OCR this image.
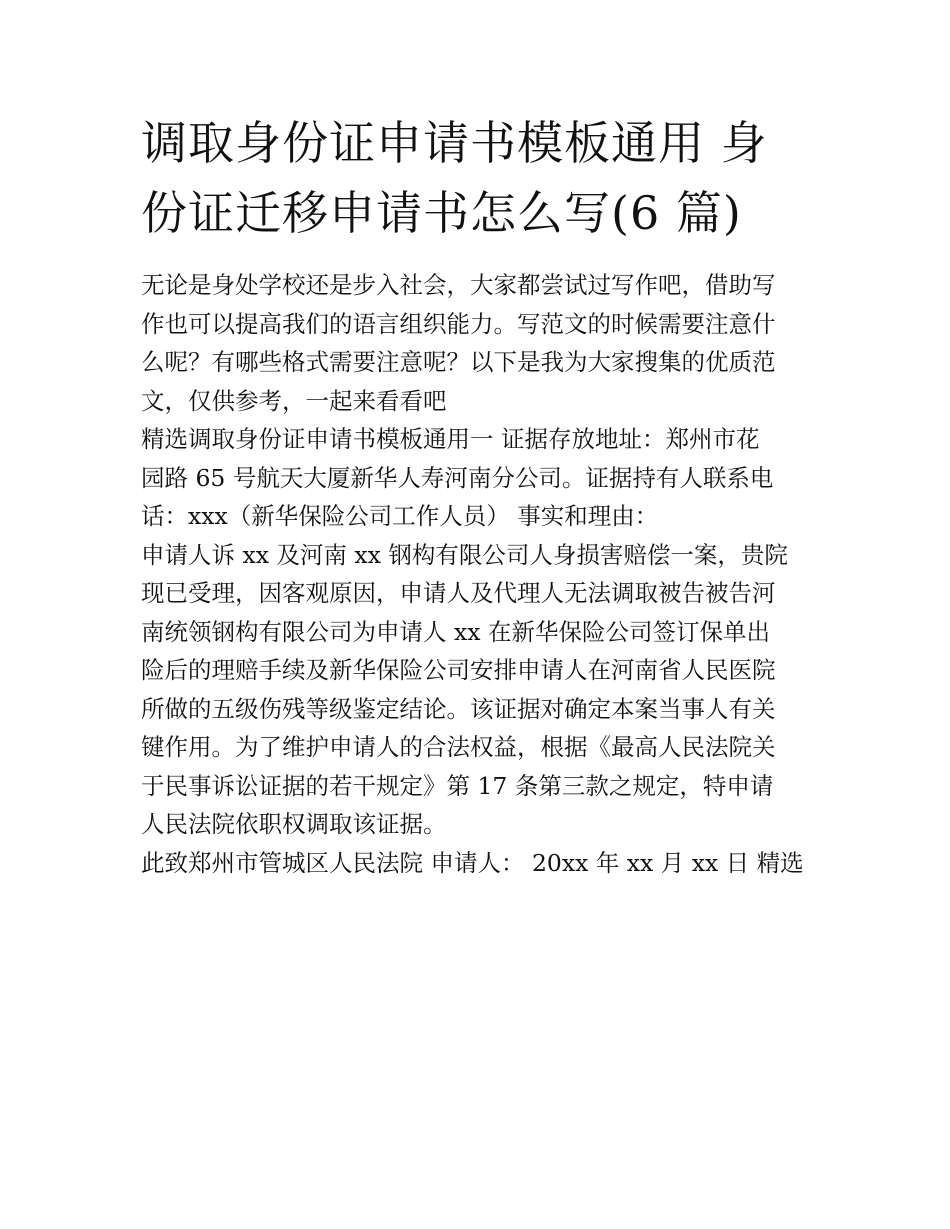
调取身份证申请书模板通用 身
份证迁移申请书怎么写(6 篇)

无论是身处学校还是步入社会，大家都尝试过写作吧，借助写
作也可以提高我们的语言组织能力。写范文的时候需要注意什
么呢？有哪些格式需要注意呢？以下是我为大家搜集的优质范
文，仅供参考，一起来看看吧

精选调取身份证申请书模板通用一 证据存放地址：郑州市花
园路 65 号航天大厦新华人寿河南分公司。证据持有人联系电
话：xxx（新华保险公司工作人员） 事实和理由：

申请人诉 xx 及河南 xx 钢构有限公司人身损害赔偿一案，贵院
现已受理，因客观原因，申请人及代理人无法调取被告被告河
南统领钢构有限公司为申请人 xx 在新华保险公司签订保单出
险后的理赔手续及新华保险公司安排申请人在河南省人民医院
所做的五级伤残等级鉴定结论。该证据对确定本案当事人有关
键作用。为了维护申请人的合法权益，根据《最高人民法院关
于民事诉讼证据的若干规定》第 17 条第三款之规定，特申请
人民法院依职权调取该证据。

此致郑州市管城区人民法院 申请人： 20xx 年 xx 月 xx 日 精选
